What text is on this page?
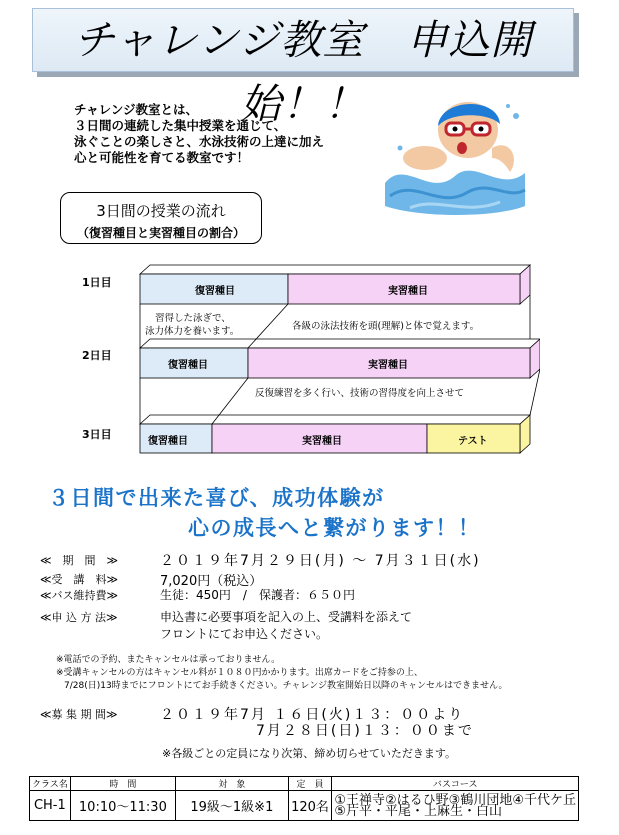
チャレンジ教室　申込開始！！
チャレンジ教室とは、
３日間の連続した集中授業を通じて、
泳ぐことの楽しさと、水泳技術の上達に加え
心と可能性を育てる教室です！
3日間の授業の流れ
（復習種目と実習種目の割合）
1日目
2日目
3日目
復習種目	実習種目
復習種目	実習種目
復習種目	実習種目	テスト
習得した泳ぎで、
泳力体力を養います。	各級の泳法技術を頭(理解)と体で覚えます。
反復練習を多く行い、技術の習得度を向上させて
３日間で出来た喜び、成功体験が
心の成長へと繋がります！！
≪　期　間　≫	２０１９年7月２９日(月) ～ 7月３１日(水)
≪受　講　料≫	7,020円（税込）
≪バス維持費≫	生徒：450円　/　保護者：６５０円
≪申 込 方 法≫	申込書に必要事項を記入の上、受講料を添えて
フロントにてお申込ください。
※電話での予約、またキャンセルは承っておりません。
※受講キャンセルの方はキャンセル料が１０８０円かかります。出席カードをご持参の上、
7/28(日)13時までにフロントにてお手続きください。チャレンジ教室開始日以降のキャンセルはできません。
≪募 集 期 間≫	２０１９年7月 １６日(火)１３：００より
7月２８日(日)１３：００まで
※各級ごとの定員になり次第、締め切らせていただきます。
クラス名	時　間	対　象	定　員	バスコース
CH-1	10:10～11:30	19級～1級※1	120名	①王禅寺②はるひ野③鶴川団地④千代ケ丘
⑤片平・平尾・上麻生・白山
